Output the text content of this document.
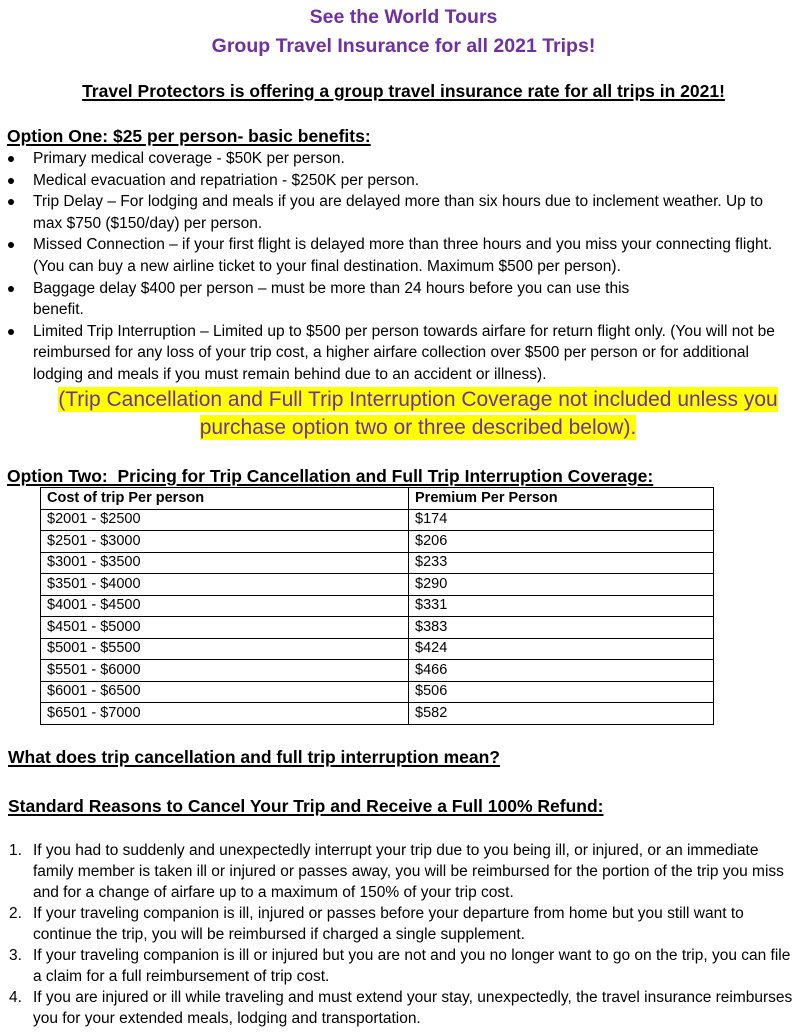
See the World Tours
Group Travel Insurance for all 2021 Trips!
Travel Protectors is offering a group travel insurance rate for all trips in 2021!
Option One: $25 per person- basic benefits:
Primary medical coverage - $50K per person.
Medical evacuation and repatriation - $250K per person.
Trip Delay – For lodging and meals if you are delayed more than six hours due to inclement weather. Up to max $750 ($150/day) per person.
Missed Connection – if your first flight is delayed more than three hours and you miss your connecting flight. (You can buy a new airline ticket to your final destination. Maximum $500 per person).
Baggage delay $400 per person – must be more than 24 hours before you can use this benefit.
Limited Trip Interruption – Limited up to $500 per person towards airfare for return flight only. (You will not be reimbursed for any loss of your trip cost, a higher airfare collection over $500 per person or for additional lodging and meals if you must remain behind due to an accident or illness).
(Trip Cancellation and Full Trip Interruption Coverage not included unless you purchase option two or three described below).
Option Two:  Pricing for Trip Cancellation and Full Trip Interruption Coverage:
Cost of trip Per person	Premium Per Person
$2001 - $2500	$174
$2501 - $3000	$206
$3001 - $3500	$233
$3501 - $4000	$290
$4001 - $4500	$331
$4501 - $5000	$383
$5001 - $5500	$424
$5501 - $6000	$466
$6001 - $6500	$506
$6501 - $7000	$582
What does trip cancellation and full trip interruption mean?
Standard Reasons to Cancel Your Trip and Receive a Full 100% Refund:
1. If you had to suddenly and unexpectedly interrupt your trip due to you being ill, or injured, or an immediate family member is taken ill or injured or passes away, you will be reimbursed for the portion of the trip you miss and for a change of airfare up to a maximum of 150% of your trip cost.
2. If your traveling companion is ill, injured or passes before your departure from home but you still want to continue the trip, you will be reimbursed if charged a single supplement.
3. If your traveling companion is ill or injured but you are not and you no longer want to go on the trip, you can file a claim for a full reimbursement of trip cost.
4. If you are injured or ill while traveling and must extend your stay, unexpectedly, the travel insurance reimburses you for your extended meals, lodging and transportation.
